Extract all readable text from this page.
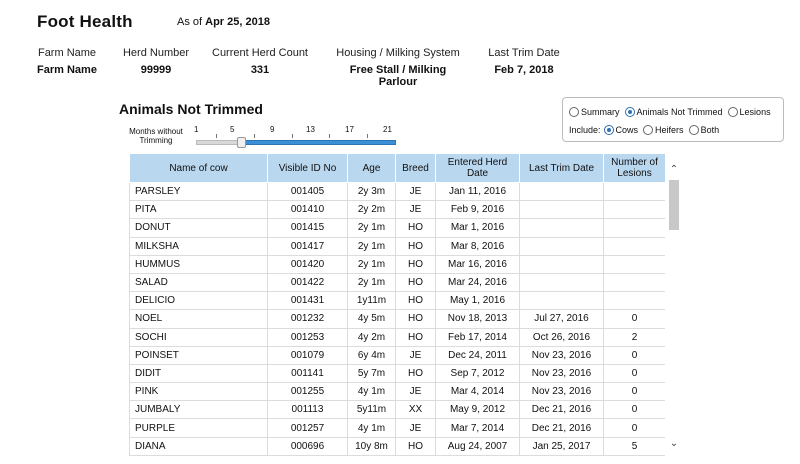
Foot Health	As of Apr 25, 2018
Farm Name
Farm Name
Herd Number
99999
Current Herd Count
331
Housing / Milking System
Free Stall / Milking Parlour
Last Trim Date
Feb 7, 2018
Animals Not Trimmed
Months without
Trimming
1	5	9	13	17	21
Summary Animals Not Trimmed Lesions
Include: Cows Heifers Both
Name of cow	Visible ID No	Age	Breed	Entered Herd Date	Last Trim Date	Number of Lesions
PARSLEY	001405	2y 3m	JE	Jan 11, 2016		
PITA	001410	2y 2m	JE	Feb 9, 2016		
DONUT	001415	2y 1m	HO	Mar 1, 2016		
MILKSHA	001417	2y 1m	HO	Mar 8, 2016		
HUMMUS	001420	2y 1m	HO	Mar 16, 2016		
SALAD	001422	2y 1m	HO	Mar 24, 2016		
DELICIO	001431	1y11m	HO	May 1, 2016		
NOEL	001232	4y 5m	HO	Nov 18, 2013	Jul 27, 2016	0
SOCHI	001253	4y 2m	HO	Feb 17, 2014	Oct 26, 2016	2
POINSET	001079	6y 4m	JE	Dec 24, 2011	Nov 23, 2016	0
DIDIT	001141	5y 7m	HO	Sep 7, 2012	Nov 23, 2016	0
PINK	001255	4y 1m	JE	Mar 4, 2014	Nov 23, 2016	0
JUMBALY	001113	5y11m	XX	May 9, 2012	Dec 21, 2016	0
PURPLE	001257	4y 1m	JE	Mar 7, 2014	Dec 21, 2016	0
DIANA	000696	10y 8m	HO	Aug 24, 2007	Jan 25, 2017	5
⌃
⌄
